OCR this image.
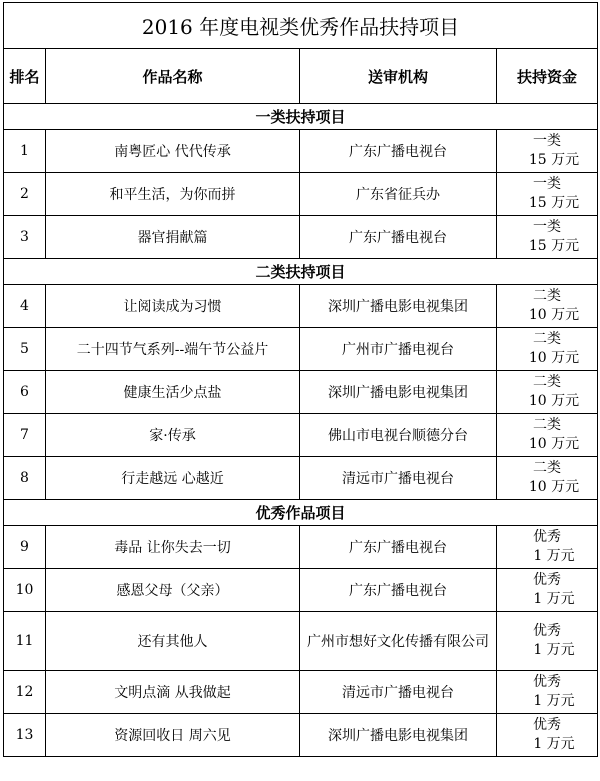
2016 年度电视类优秀作品扶持项目			
排名	作品名称	送审机构	扶持资金
一类扶持项目			
1	南粤匠心 代代传承	广东广播电视台	一类
15 万元

2	和平生活，为你而拼	广东省征兵办	一类
15 万元

3	器官捐献篇	广东广播电视台	一类
15 万元

二类扶持项目			
4	让阅读成为习惯	深圳广播电影电视集团	二类
10 万元

5	二十四节气系列--端午节公益片	广州市广播电视台	二类
10 万元

6	健康生活少点盐	深圳广播电影电视集团	二类
10 万元

7	家·传承	佛山市电视台顺德分台	二类
10 万元

8	行走越远 心越近	清远市广播电视台	二类
10 万元

优秀作品项目			
9	毒品 让你失去一切	广东广播电视台	优秀
1 万元

10	感恩父母（父亲）	广东广播电视台	优秀
1 万元

11	还有其他人	广州市想好文化传播有限公司	优秀
1 万元

12	文明点滴 从我做起	清远市广播电视台	优秀
1 万元

13	资源回收日 周六见	深圳广播电影电视集团	优秀
1 万元
